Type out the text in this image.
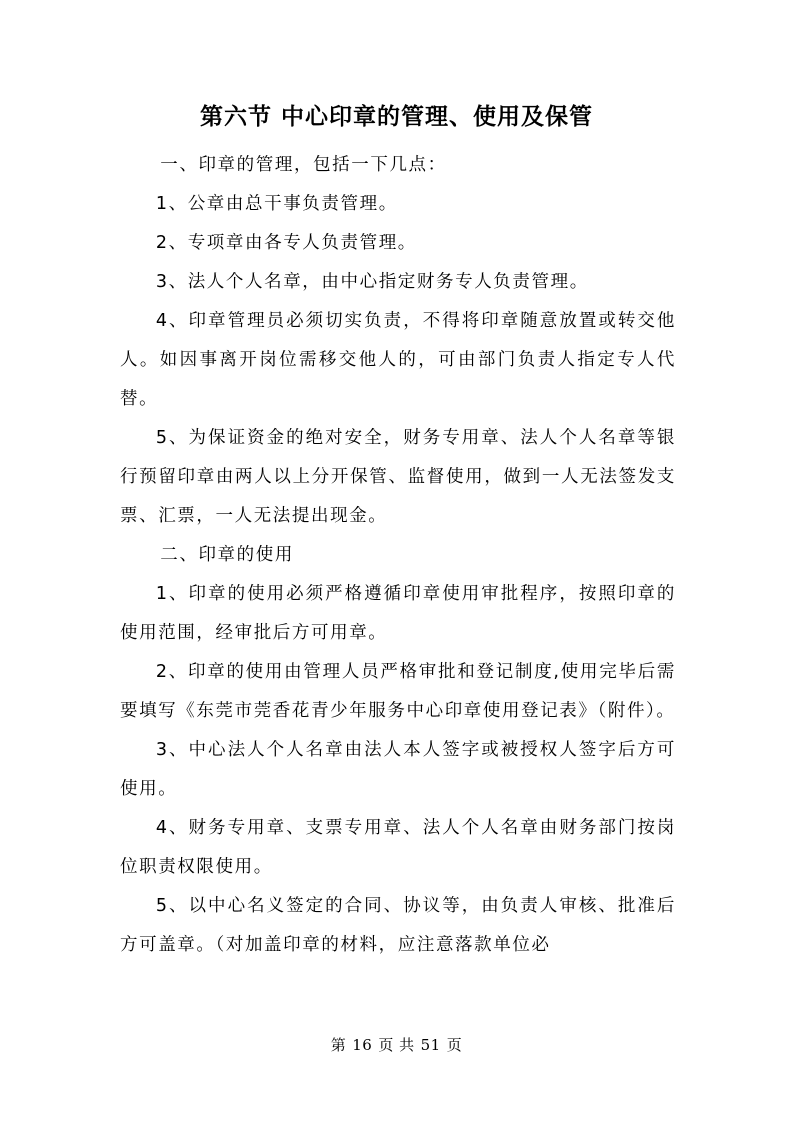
第六节 中心印章的管理、使用及保管

一、印章的管理，包括一下几点：

1、公章由总干事负责管理。

2、专项章由各专人负责管理。

3、法人个人名章，由中心指定财务专人负责管理。

4、印章管理员必须切实负责，不得将印章随意放置或转交他人。如因事离开岗位需移交他人的，可由部门负责人指定专人代替。

5、为保证资金的绝对安全，财务专用章、法人个人名章等银行预留印章由两人以上分开保管、监督使用，做到一人无法签发支票、汇票，一人无法提出现金。

二、印章的使用

1、印章的使用必须严格遵循印章使用审批程序，按照印章的使用范围，经审批后方可用章。

2、印章的使用由管理人员严格审批和登记制度,使用完毕后需要填写《东莞市莞香花青少年服务中心印章使用登记表》（附件）。

3、中心法人个人名章由法人本人签字或被授权人签字后方可使用。

4、财务专用章、支票专用章、法人个人名章由财务部门按岗位职责权限使用。

5、以中心名义签定的合同、协议等，由负责人审核、批准后方可盖章。（对加盖印章的材料，应注意落款单位必

第 16 页 共 51 页
